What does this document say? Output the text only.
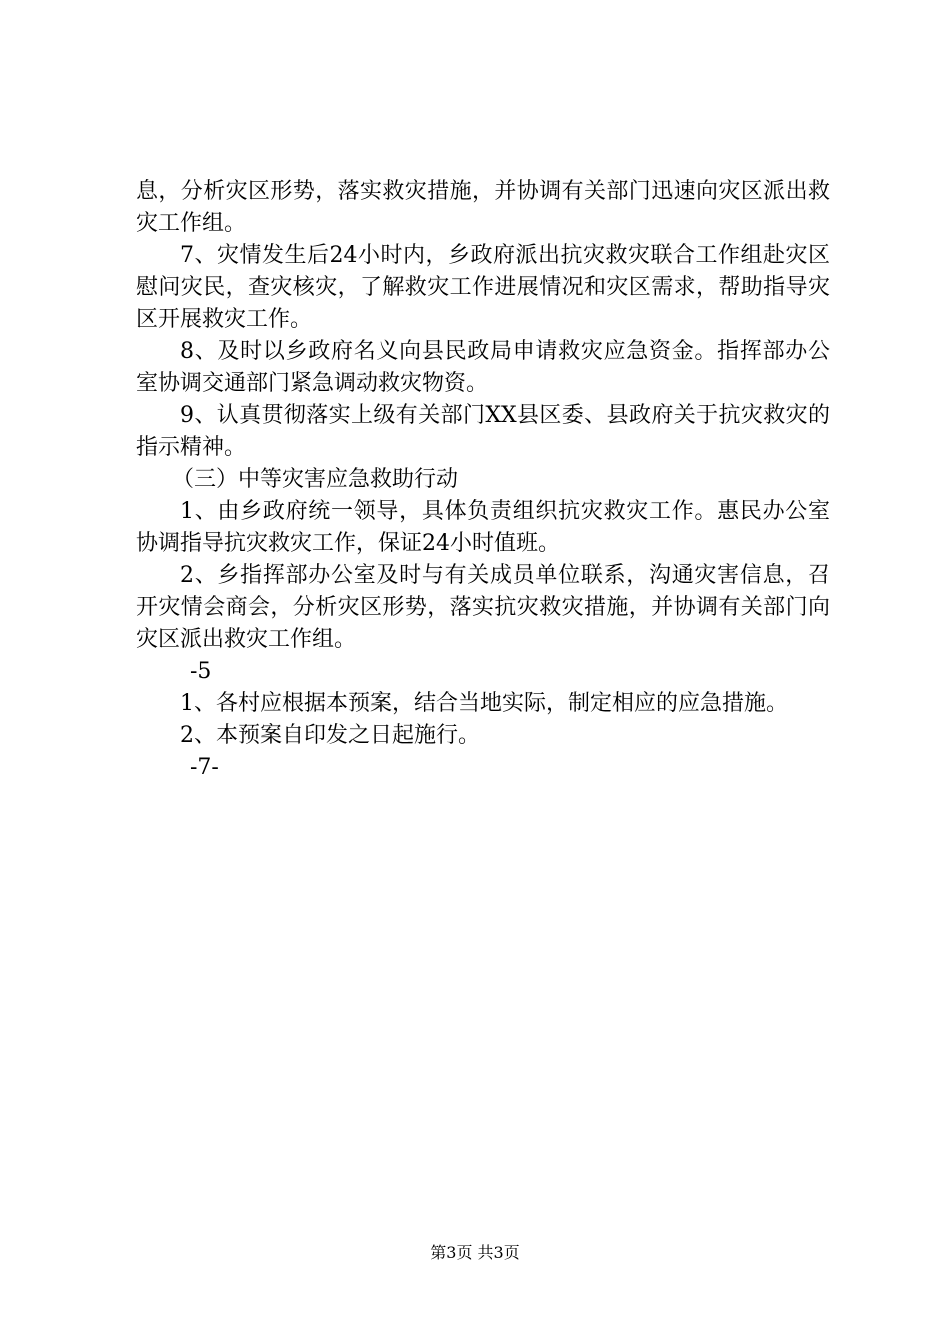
息，分析灾区形势，落实救灾措施，并协调有关部门迅速向灾区派出救灾工作组。

7、灾情发生后24小时内，乡政府派出抗灾救灾联合工作组赴灾区慰问灾民，查灾核灾，了解救灾工作进展情况和灾区需求，帮助指导灾区开展救灾工作。

8、及时以乡政府名义向县民政局申请救灾应急资金。指挥部办公室协调交通部门紧急调动救灾物资。

9、认真贯彻落实上级有关部门XX县区委、县政府关于抗灾救灾的指示精神。

（三）中等灾害应急救助行动

1、由乡政府统一领导，具体负责组织抗灾救灾工作。惠民办公室协调指导抗灾救灾工作，保证24小时值班。

2、乡指挥部办公室及时与有关成员单位联系，沟通灾害信息，召开灾情会商会，分析灾区形势，落实抗灾救灾措施，并协调有关部门向灾区派出救灾工作组。

-5

1、各村应根据本预案，结合当地实际，制定相应的应急措施。

2、本预案自印发之日起施行。

-7-

第3页 共3页
